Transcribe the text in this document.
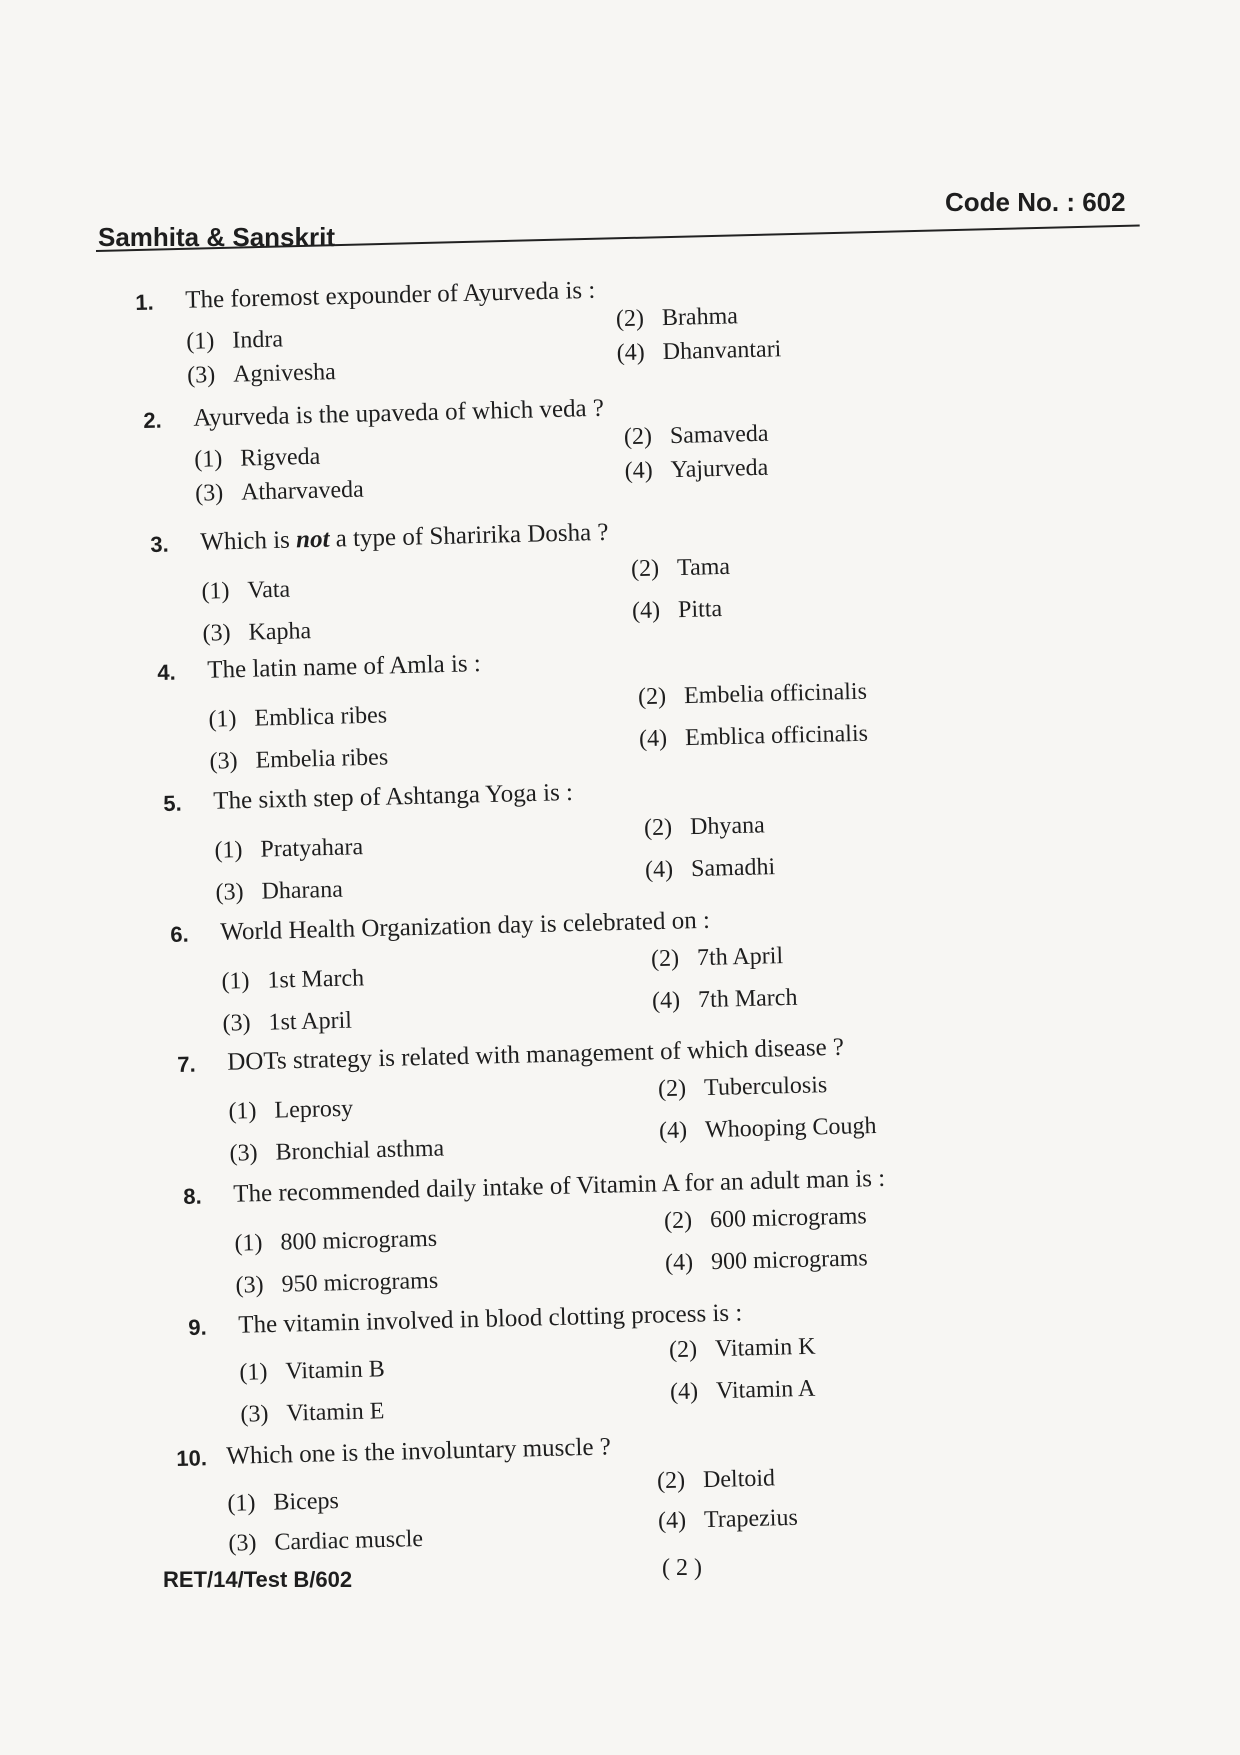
Samhita & Sanskrit
Code No. : 602
1.	The foremost expounder of Ayurveda is :
(1) Indra
(2) Brahma
(3) Agnivesha
(4) Dhanvantari
2.	Ayurveda is the upaveda of which veda ?
(1) Rigveda
(2) Samaveda
(3) Atharvaveda
(4) Yajurveda
3.	Which is not a type of Sharirika Dosha ?
(1) Vata
(2) Tama
(3) Kapha
(4) Pitta
4.	The latin name of Amla is :
(1) Emblica ribes
(2) Embelia officinalis
(3) Embelia ribes
(4) Emblica officinalis
5.	The sixth step of Ashtanga Yoga is :
(1) Pratyahara
(2) Dhyana
(3) Dharana
(4) Samadhi
6.	World Health Organization day is celebrated on :
(1) 1st March
(2) 7th April
(3) 1st April
(4) 7th March
7.	DOTs strategy is related with management of which disease ?
(1) Leprosy
(2) Tuberculosis
(3) Bronchial asthma
(4) Whooping Cough
8.	The recommended daily intake of Vitamin A for an adult man is :
(1) 800 micrograms
(2) 600 micrograms
(3) 950 micrograms
(4) 900 micrograms
9.	The vitamin involved in blood clotting process is :
(1) Vitamin B
(2) Vitamin K
(3) Vitamin E
(4) Vitamin A
10. Which one is the involuntary muscle ?
(1) Biceps
(2) Deltoid
(3) Cardiac muscle
(4) Trapezius
RET/14/Test B/602	( 2 )
